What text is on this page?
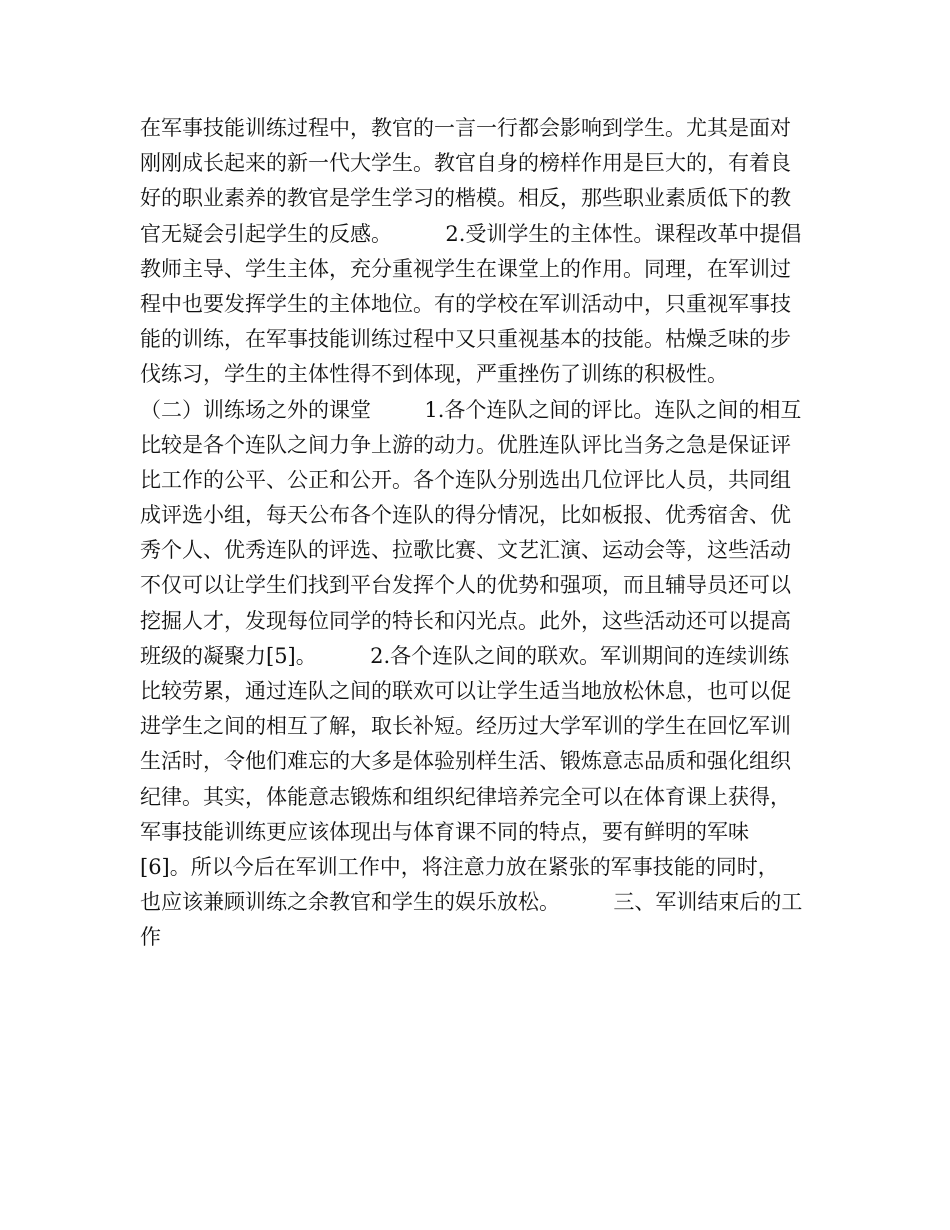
在军事技能训练过程中，教官的一言一行都会影响到学生。尤其是面对
刚刚成长起来的新一代大学生。教官自身的榜样作用是巨大的，有着良
好的职业素养的教官是学生学习的楷模。相反，那些职业素质低下的教
官无疑会引起学生的反感。        2.受训学生的主体性。课程改革中提倡
教师主导、学生主体，充分重视学生在课堂上的作用。同理，在军训过
程中也要发挥学生的主体地位。有的学校在军训活动中，只重视军事技
能的训练，在军事技能训练过程中又只重视基本的技能。枯燥乏味的步
伐练习，学生的主体性得不到体现，严重挫伤了训练的积极性。
（二）训练场之外的课堂        1.各个连队之间的评比。连队之间的相互
比较是各个连队之间力争上游的动力。优胜连队评比当务之急是保证评
比工作的公平、公正和公开。各个连队分别选出几位评比人员，共同组
成评选小组，每天公布各个连队的得分情况，比如板报、优秀宿舍、优
秀个人、优秀连队的评选、拉歌比赛、文艺汇演、运动会等，这些活动
不仅可以让学生们找到平台发挥个人的优势和强项，而且辅导员还可以
挖掘人才，发现每位同学的特长和闪光点。此外，这些活动还可以提高
班级的凝聚力[5]。        2.各个连队之间的联欢。军训期间的连续训练
比较劳累，通过连队之间的联欢可以让学生适当地放松休息，也可以促
进学生之间的相互了解，取长补短。经历过大学军训的学生在回忆军训
生活时，令他们难忘的大多是体验别样生活、锻炼意志品质和强化组织
纪律。其实，体能意志锻炼和组织纪律培养完全可以在体育课上获得，
军事技能训练更应该体现出与体育课不同的特点，要有鲜明的军味
[6]。所以今后在军训工作中，将注意力放在紧张的军事技能的同时，
也应该兼顾训练之余教官和学生的娱乐放松。        三、军训结束后的工
作
